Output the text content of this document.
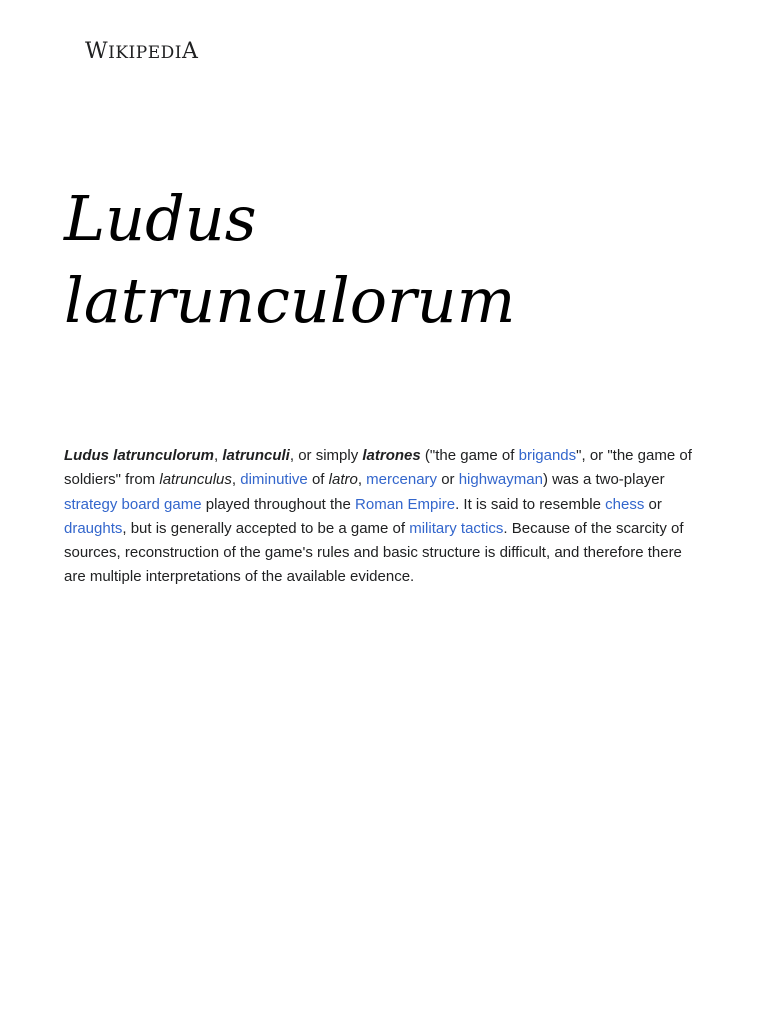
WIKIPEDIA
Ludus
latrunculorum

Ludus latrunculorum, latrunculi, or simply latrones ("the game of brigands", or "the game of soldiers" from latrunculus, diminutive of latro, mercenary or highwayman) was a two-player strategy board game played throughout the Roman Empire. It is said to resemble chess or draughts, but is generally accepted to be a game of military tactics. Because of the scarcity of sources, reconstruction of the game's rules and basic structure is difficult, and therefore there are multiple interpretations of the available evidence.
